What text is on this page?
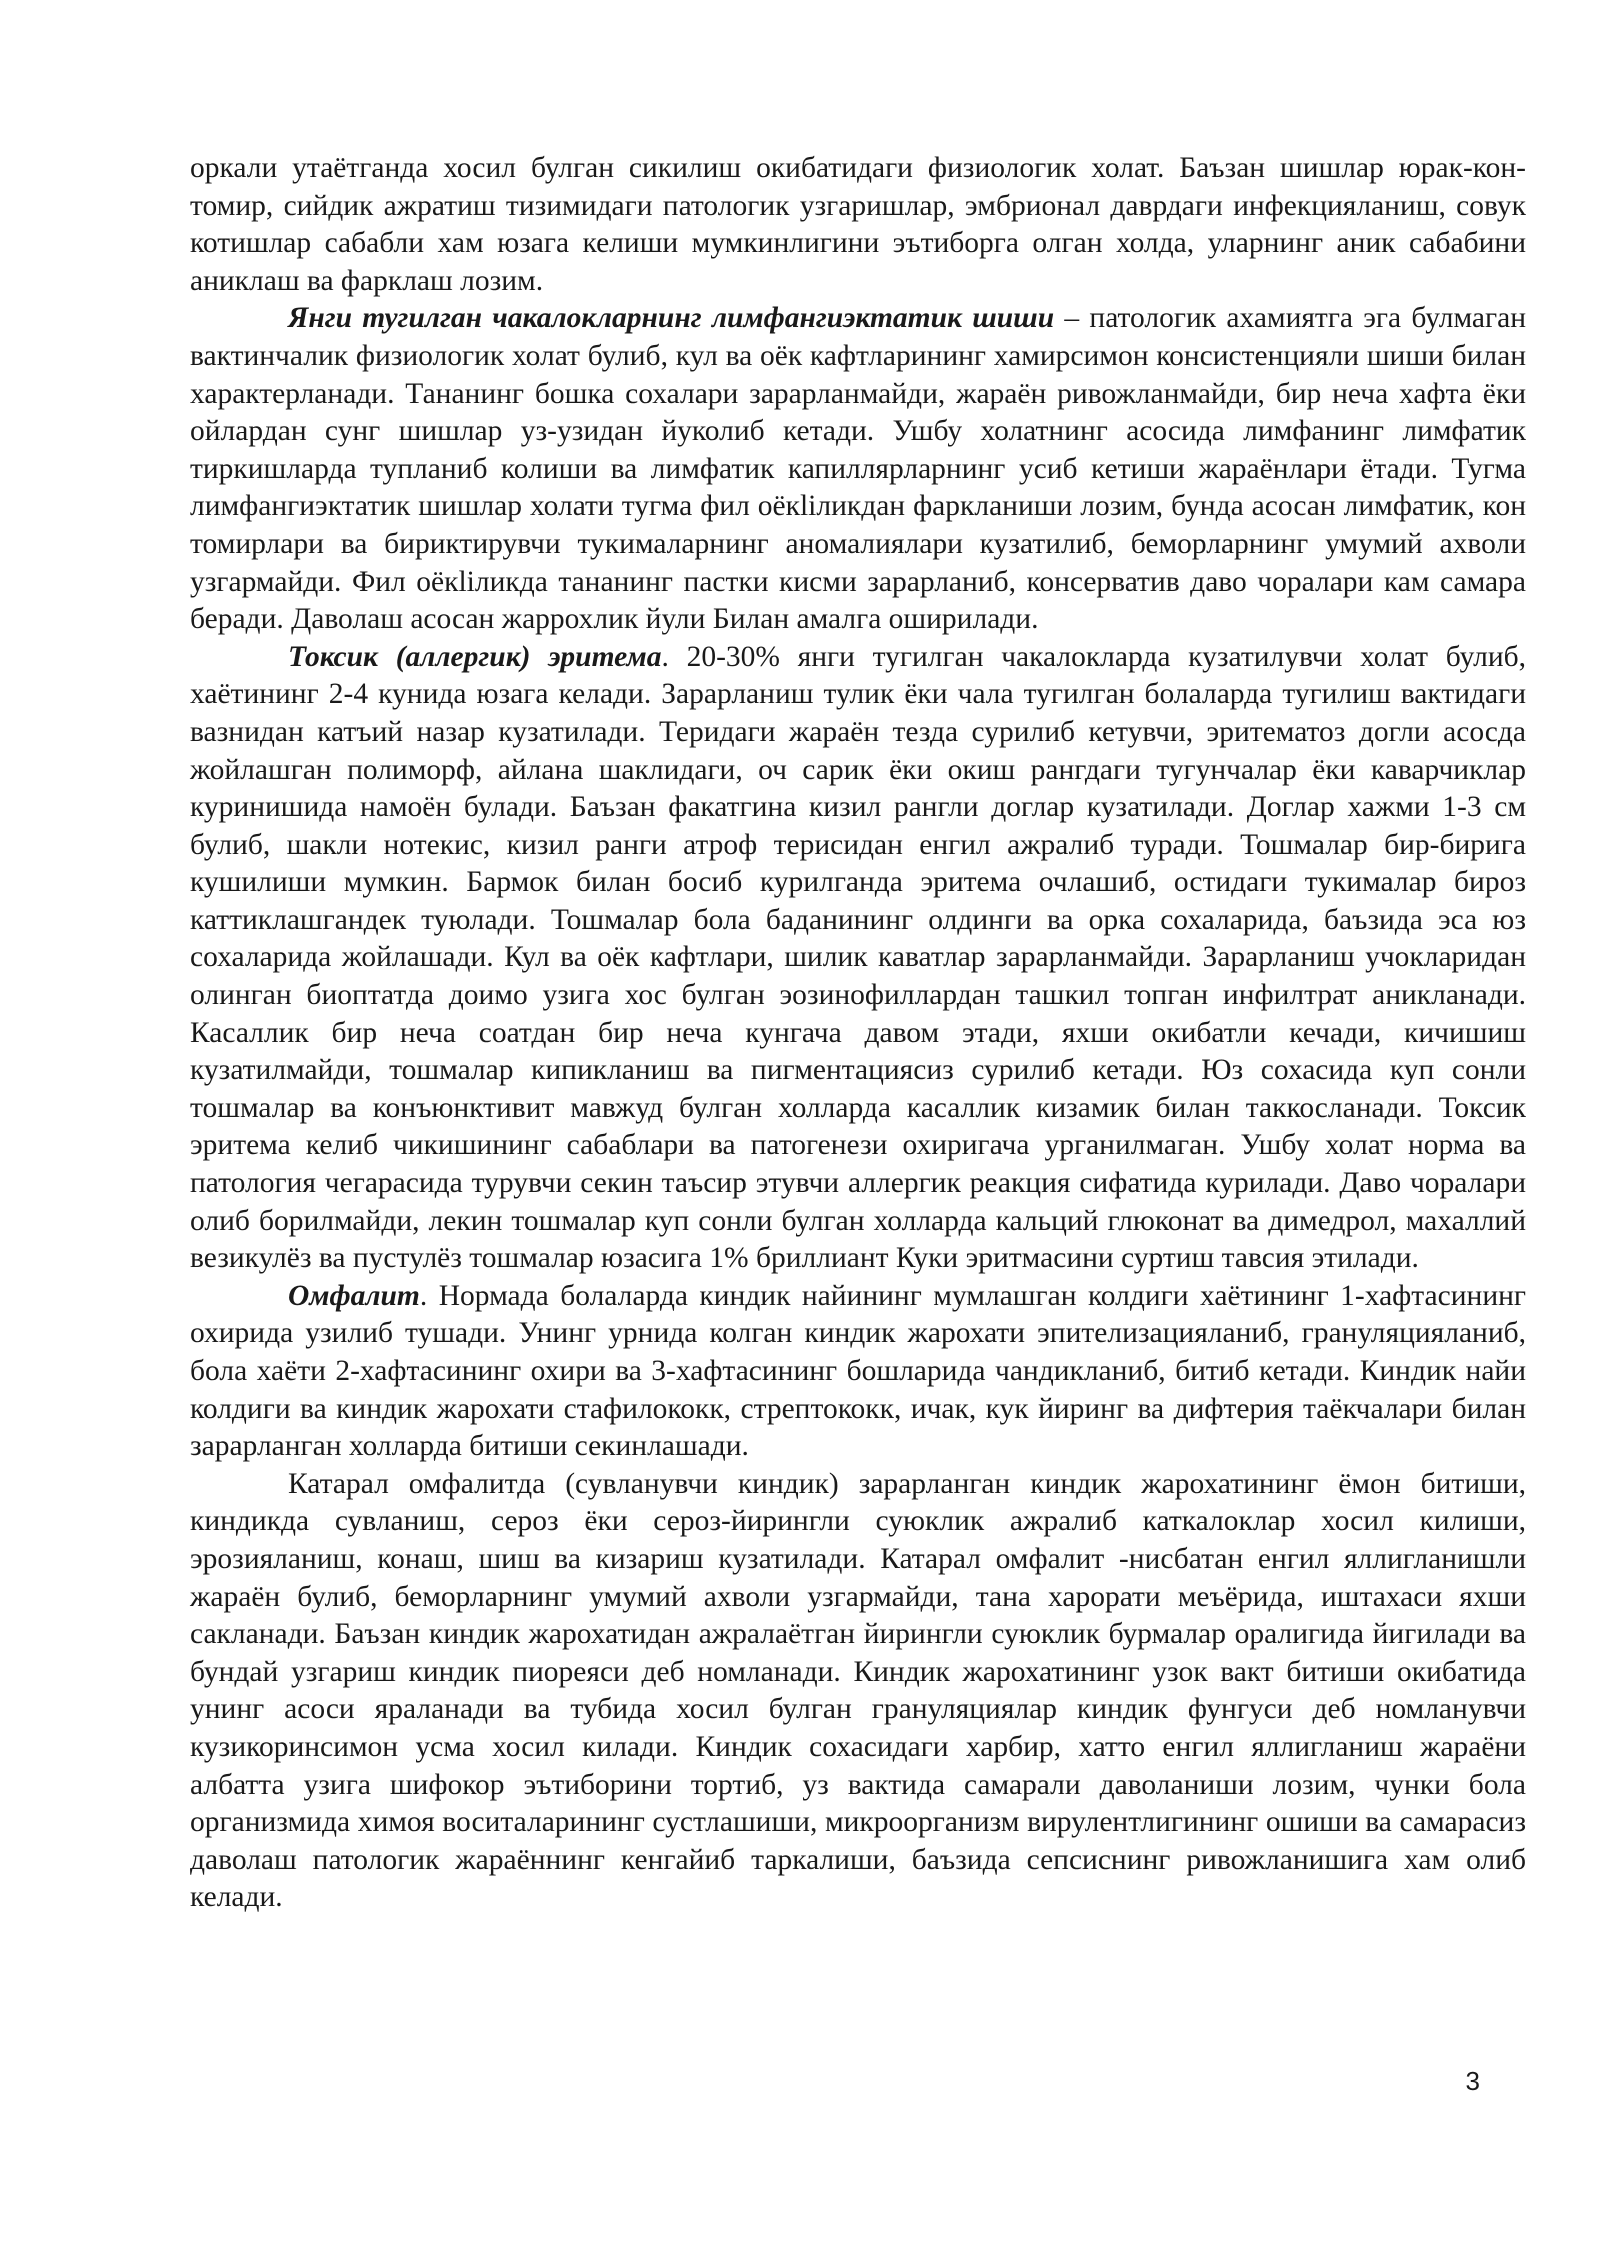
оркали утаётганда хосил булган сикилиш окибатидаги физиологик холат. Баъзан шишлар юрак-кон-томир, сийдик ажратиш тизимидаги патологик узгаришлар, эмбрионал даврдаги инфекцияланиш, совук котишлар сабабли хам юзага келиши мумкинлигини эътиборга олган холда, уларнинг аник сабабини аниклаш ва фарклаш лозим.

Янги тугилган чакалокларнинг лимфангиэктатик шиши – патологик ахамиятга эга булмаган вактинчалик физиологик холат булиб, кул ва оёк кафтларининг хамирсимон консистенцияли шиши билан характерланади. Тананинг бошка сохалари зарарланмайди, жараён ривожланмайди, бир неча хафта ёки ойлардан сунг шишлар уз-узидан йуколиб кетади. Ушбу холатнинг асосида лимфанинг лимфатик тиркишларда тупланиб колиши ва лимфатик капиллярларнинг усиб кетиши жараёнлари ётади. Тугма лимфангиэктатик шишлар холати тугма фил оёкliликдан фаркланиши лозим, бунда асосан лимфатик, кон томирлари ва бириктирувчи тукималарнинг аномалиялари кузатилиб, беморларнинг умумий ахволи узгармайди. Фил оёкliликда тананинг пастки кисми зарарланиб, консерватив даво чоралари кам самара беради. Даволаш асосан жаррохлик йули Билан амалга оширилади.

Токсик (аллергик) эритема. 20-30% янги тугилган чакалокларда кузатилувчи холат булиб, хаётининг 2-4 кунида юзага келади. Зарарланиш тулик ёки чала тугилган болаларда тугилиш вактидаги вазнидан катъий назар кузатилади. Теридаги жараён тезда сурилиб кетувчи, эритематоз догли асосда жойлашган полиморф, айлана шаклидаги, оч сарик ёки окиш рангдаги тугунчалар ёки каварчиклар куринишида намоён булади. Баъзан факатгина кизил рангли доглар кузатилади. Доглар хажми 1-3 см булиб, шакли нотекис, кизил ранги атроф терисидан енгил ажралиб туради. Тошмалар бир-бирига кушилиши мумкин. Бармок билан босиб курилганда эритема очлашиб, остидаги тукималар бироз каттиклашгандек туюлади. Тошмалар бола баданининг олдинги ва орка сохаларида, баъзида эса юз сохаларида жойлашади. Кул ва оёк кафтлари, шилик каватлар зарарланмайди. Зарарланиш учокларидан олинган биоптатда доимо узига хос булган эозинофиллардан ташкил топган инфилтрат аникланади. Касаллик бир неча соатдан бир неча кунгача давом этади, яхши окибатли кечади, кичишиш кузатилмайди, тошмалар кипикланиш ва пигментациясиз сурилиб кетади. Юз сохасида куп сонли тошмалар ва конъюнктивит мавжуд булган холларда касаллик кизамик билан таккосланади. Токсик эритема келиб чикишининг сабаблари ва патогенези охиригача урганилмаган. Ушбу холат норма ва патология чегарасида турувчи секин таъсир этувчи аллергик реакция сифатида курилади. Даво чоралари олиб борилмайди, лекин тошмалар куп сонли булган холларда кальций глюконат ва димедрол, махаллий везикулёз ва пустулёз тошмалар юзасига 1% бриллиант Куки эритмасини суртиш тавсия этилади.

Омфалит. Нормада болаларда киндик найининг мумлашган колдиги хаётининг 1-хафтасининг охирида узилиб тушади. Унинг урнида колган киндик жарохати эпителизацияланиб, грануляцияланиб, бола хаёти 2-хафтасининг охири ва 3-хафтасининг бошларида чандикланиб, битиб кетади. Киндик найи колдиги ва киндик жарохати стафилококк, стрептококк, ичак, кук йиринг ва дифтерия таёкчалари билан зарарланган холларда битиши секинлашади.

Катарал омфалитда (сувланувчи киндик) зарарланган киндик жарохатининг ёмон битиши, киндикда сувланиш, сероз ёки сероз-йирингли суюклик ажралиб каткалоклар хосил килиши, эрозияланиш, конаш, шиш ва кизариш кузатилади. Катарал омфалит -нисбатан енгил яллигланишли жараён булиб, беморларнинг умумий ахволи узгармайди, тана харорати меъёрида, иштахаси яхши сакланади. Баъзан киндик жарохатидан ажралаётган йирингли суюклик бурмалар оралигида йигилади ва бундай узгариш киндик пиореяси деб номланади. Киндик жарохатининг узок вакт битиши окибатида унинг асоси яраланади ва тубида хосил булган грануляциялар киндик фунгуси деб номланувчи кузикоринсимон усма хосил килади. Киндик сохасидаги харбир, хатто енгил яллигланиш жараёни албатта узига шифокор эътиборини тортиб, уз вактида самарали даволаниши лозим, чунки бола организмида химоя воситаларининг сустлашиши, микроорганизм вирулентлигининг ошиши ва самарасиз даволаш патологик жараённинг кенгайиб таркалиши, баъзида сепсиснинг ривожланишига хам олиб келади.

3
